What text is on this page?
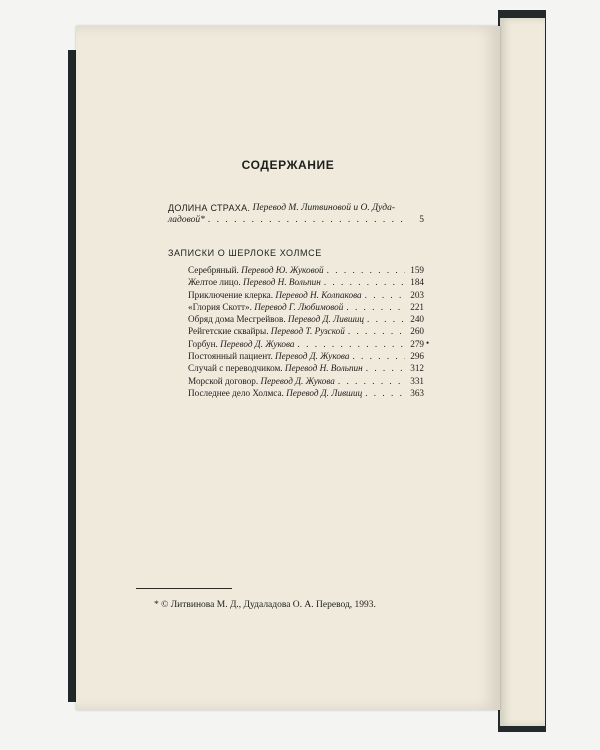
СОДЕРЖАНИЕ
ДОЛИНА СТРАХА.
Перевод М. Литвиновой и О. Дуда-
ладовой* . . .	5
ЗАПИСКИ О ШЕРЛОКЕ ХОЛМСЕ
Серебряный. Перевод Ю. Жуковой . . .	159
Желтое лицо. Перевод Н. Вольпин . . .	184
Приключение клерка. Перевод Н. Колпакова . . .	203
«Глория Скотт». Перевод Г. Любимовой . . .	221
Обряд дома Месгрейвов. Перевод Д. Лившиц . . .	240
Рейгетские сквайры. Перевод Т. Рузской . . .	260
Горбун. Перевод Д. Жукова . . .	279
Постоянный пациент. Перевод Д. Жукова . . .	296
Случай с переводчиком. Перевод Н. Вольпин . . .	312
Морской договор. Перевод Д. Жукова . . .	331
Последнее дело Холмса. Перевод Д. Лившиц . . .	363
•
* © Литвинова М. Д., Дудаладова О. А. Перевод, 1993.
